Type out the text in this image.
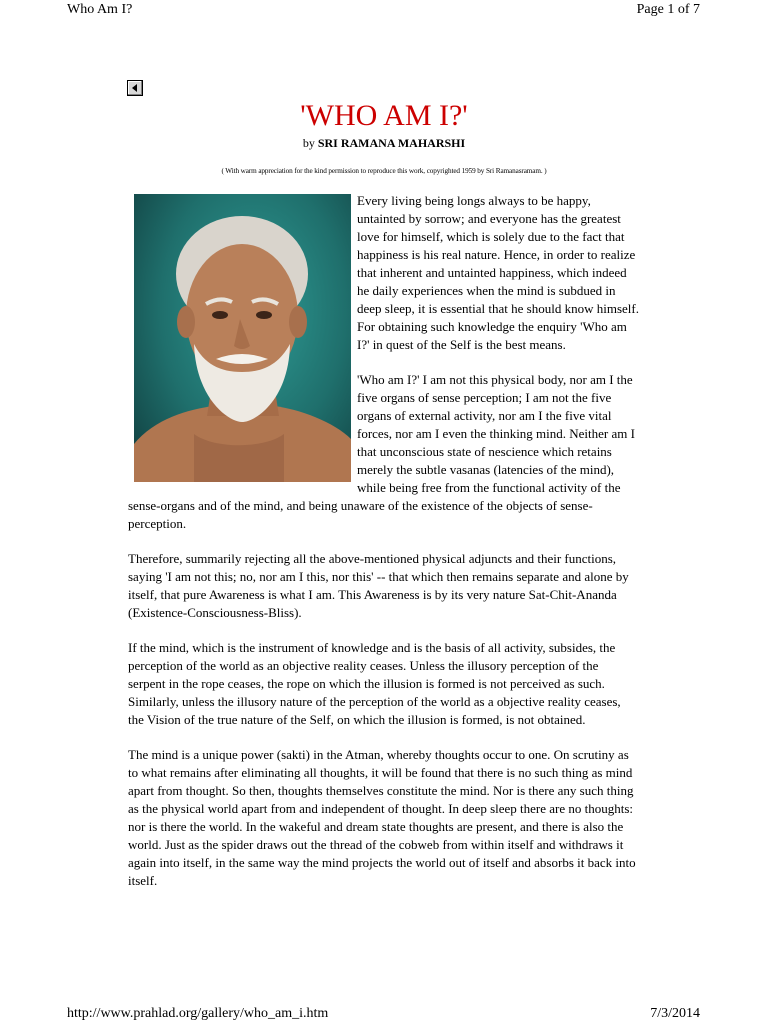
Who Am I?	Page 1 of 7
'WHO AM I?'
by SRI RAMANA MAHARSHI
( With warm appreciation for the kind permission to reproduce this work, copyrighted 1959 by Sri Ramanasramam. )

Every living being longs always to be happy, untainted by sorrow; and everyone has the greatest love for himself, which is solely due to the fact that happiness is his real nature. Hence, in order to realize that inherent and untainted happiness, which indeed he daily experiences when the mind is subdued in deep sleep, it is essential that he should know himself. For obtaining such knowledge the enquiry 'Who am I?' in quest of the Self is the best means.

'Who am I?' I am not this physical body, nor am I the five organs of sense perception; I am not the five organs of external activity, nor am I the five vital forces, nor am I even the thinking mind. Neither am I that unconscious state of nescience which retains merely the subtle vasanas (latencies of the mind), while being free from the functional activity of the sense-organs and of the mind, and being unaware of the existence of the objects of sense-perception.

Therefore, summarily rejecting all the above-mentioned physical adjuncts and their functions, saying 'I am not this; no, nor am I this, nor this' -- that which then remains separate and alone by itself, that pure Awareness is what I am. This Awareness is by its very nature Sat-Chit-Ananda (Existence-Consciousness-Bliss).

If the mind, which is the instrument of knowledge and is the basis of all activity, subsides, the perception of the world as an objective reality ceases. Unless the illusory perception of the serpent in the rope ceases, the rope on which the illusion is formed is not perceived as such. Similarly, unless the illusory nature of the perception of the world as a objective reality ceases, the Vision of the true nature of the Self, on which the illusion is formed, is not obtained.

The mind is a unique power (sakti) in the Atman, whereby thoughts occur to one. On scrutiny as to what remains after eliminating all thoughts, it will be found that there is no such thing as mind apart from thought. So then, thoughts themselves constitute the mind. Nor is there any such thing as the physical world apart from and independent of thought. In deep sleep there are no thoughts: nor is there the world. In the wakeful and dream state thoughts are present, and there is also the world. Just as the spider draws out the thread of the cobweb from within itself and withdraws it again into itself, in the same way the mind projects the world out of itself and absorbs it back into itself.

http://www.prahlad.org/gallery/who_am_i.htm	7/3/2014
